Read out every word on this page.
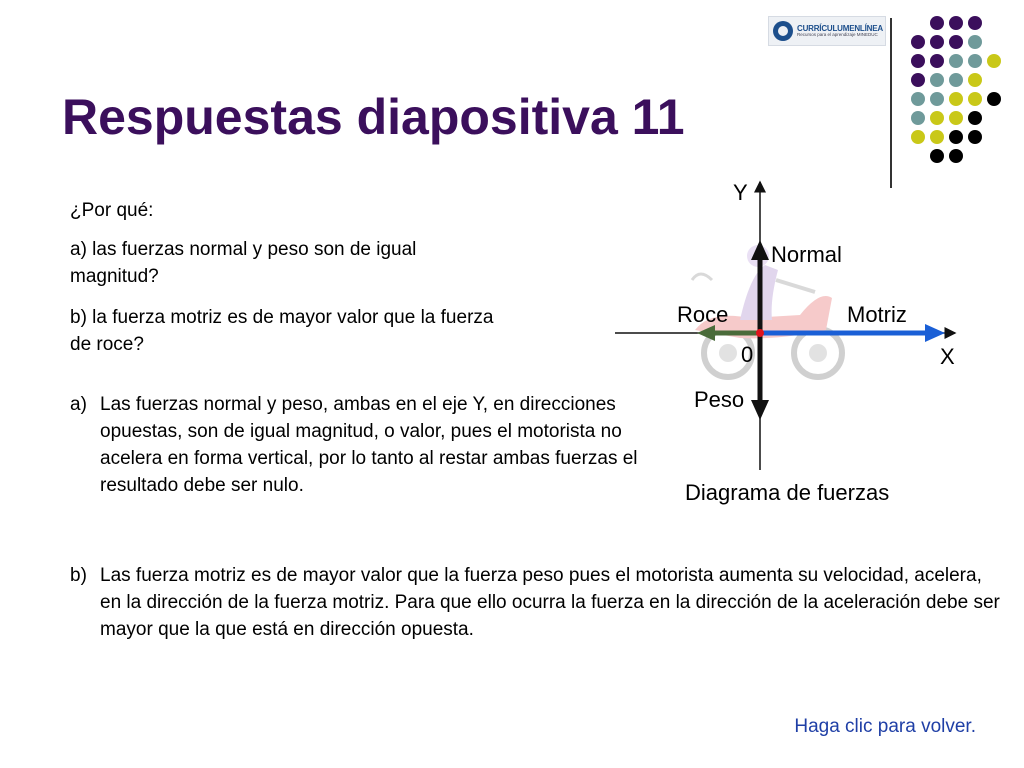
Respuestas diapositiva 11
CURRÍCULUMENLÍNEA
Recursos para el aprendizaje MINEDUC
¿Por qué:
a) las fuerzas normal y peso son de igual magnitud?
b) la fuerza motriz es de mayor valor que la fuerza de roce?
a) Las fuerzas normal y peso, ambas en el eje Y, en direcciones opuestas, son de igual magnitud, o valor, pues el motorista no acelera en forma vertical, por lo tanto al restar ambas fuerzas el resultado debe ser nulo.
b) Las fuerza motriz es de mayor valor que la fuerza peso pues el motorista aumenta su velocidad, acelera, en la dirección de la fuerza motriz. Para que ello ocurra la fuerza en la dirección de la aceleración debe ser mayor que la que está en dirección opuesta.
Y
X
Normal
Roce	Motriz
0
Peso
Diagrama de fuerzas
Haga clic para volver.
